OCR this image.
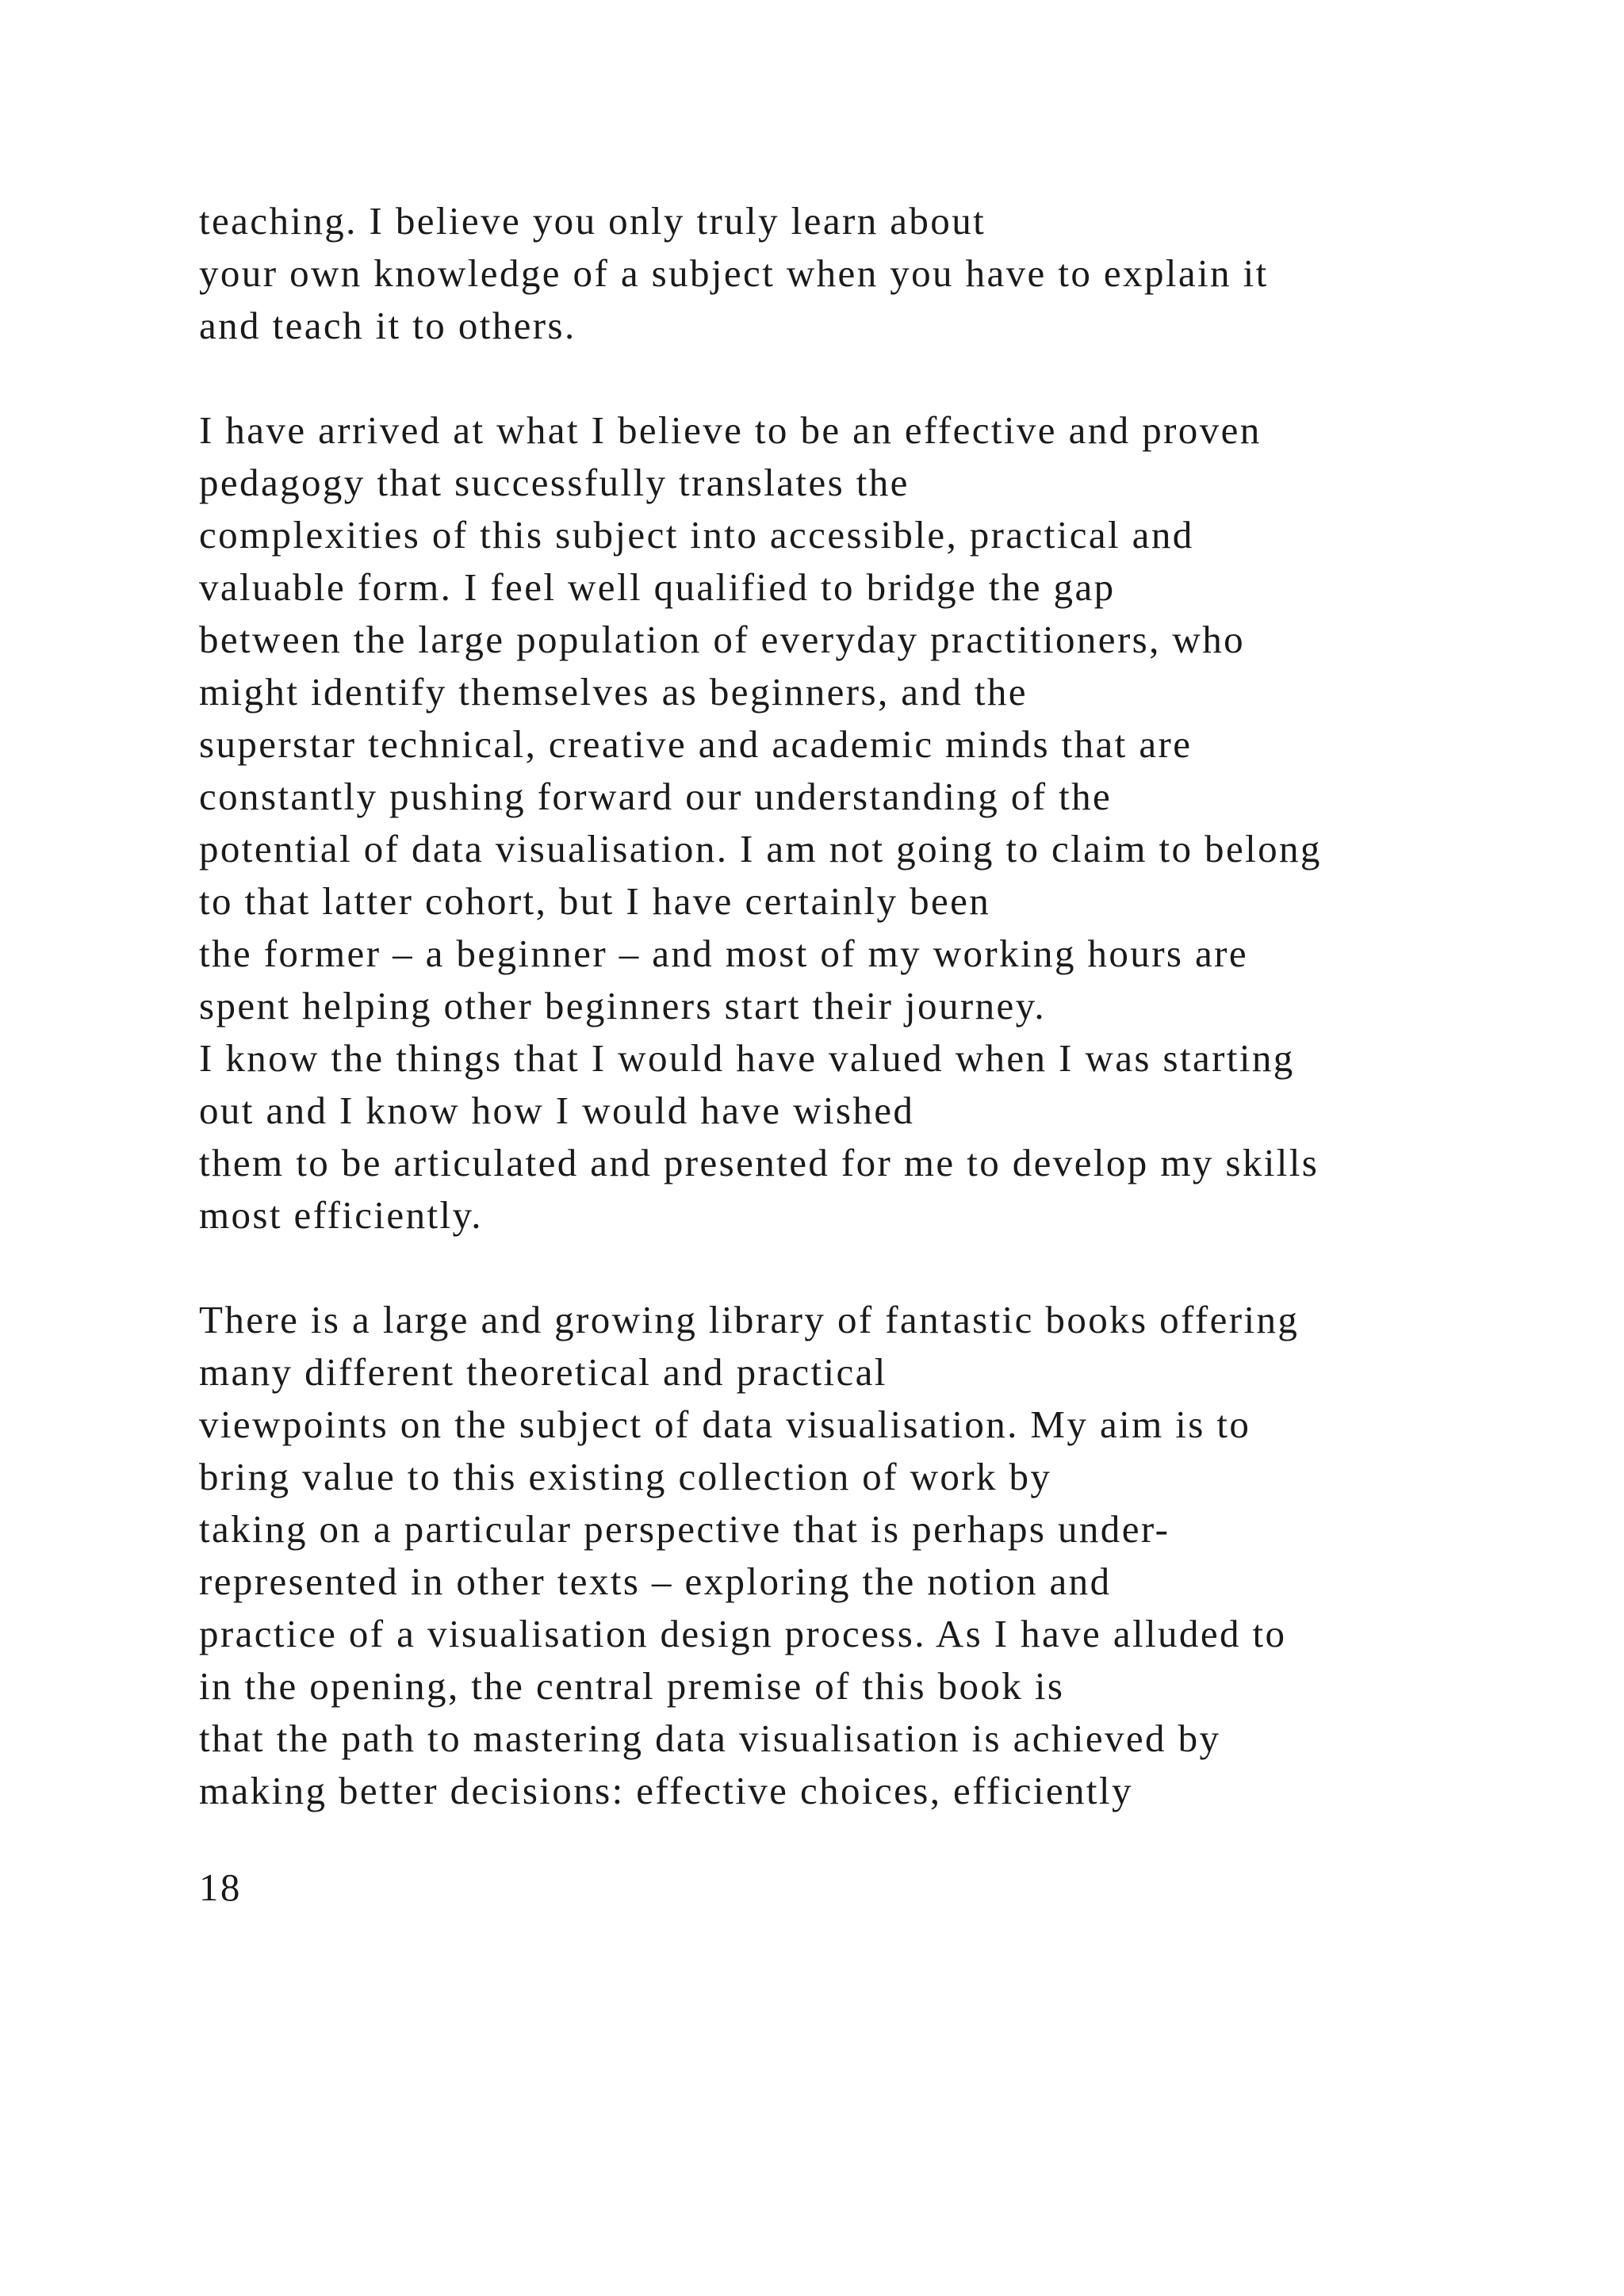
teaching. I believe you only truly learn about
your own knowledge of a subject when you have to explain it
and teach it to others.

I have arrived at what I believe to be an effective and proven
pedagogy that successfully translates the
complexities of this subject into accessible, practical and
valuable form. I feel well qualified to bridge the gap
between the large population of everyday practitioners, who
might identify themselves as beginners, and the
superstar technical, creative and academic minds that are
constantly pushing forward our understanding of the
potential of data visualisation. I am not going to claim to belong
to that latter cohort, but I have certainly been
the former – a beginner – and most of my working hours are
spent helping other beginners start their journey.
I know the things that I would have valued when I was starting
out and I know how I would have wished
them to be articulated and presented for me to develop my skills
most efficiently.

There is a large and growing library of fantastic books offering
many different theoretical and practical
viewpoints on the subject of data visualisation. My aim is to
bring value to this existing collection of work by
taking on a particular perspective that is perhaps under-
represented in other texts – exploring the notion and
practice of a visualisation design process. As I have alluded to
in the opening, the central premise of this book is
that the path to mastering data visualisation is achieved by
making better decisions: effective choices, efficiently

18
